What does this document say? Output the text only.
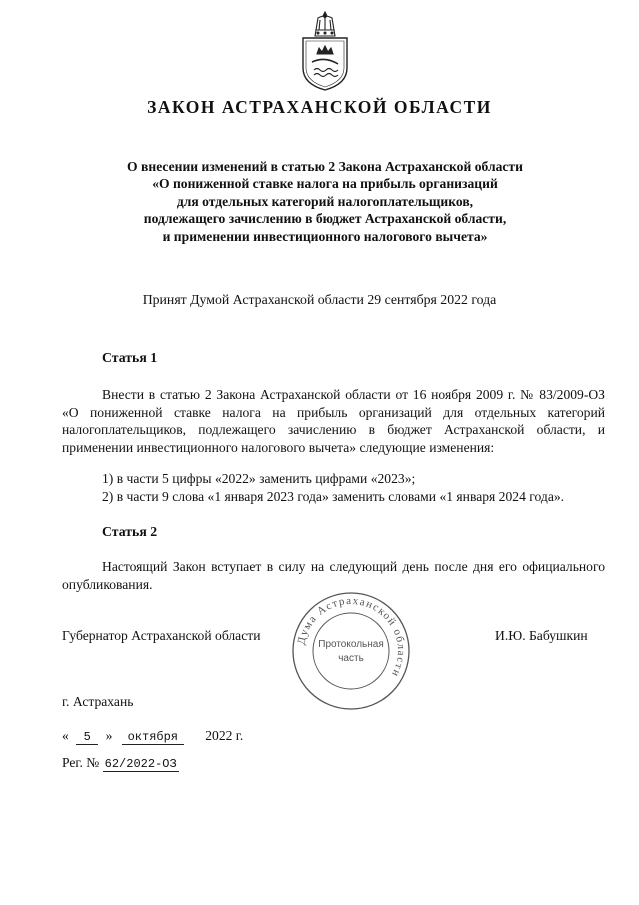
ЗАКОН АСТРАХАНСКОЙ ОБЛАСТИ
О внесении изменений в статью 2 Закона Астраханской области
«О пониженной ставке налога на прибыль организаций
для отдельных категорий налогоплательщиков,
подлежащего зачислению в бюджет Астраханской области,
и применении инвестиционного налогового вычета»
Принят Думой Астраханской области 29 сентября 2022 года
Статья 1
Внести в статью 2 Закона Астраханской области от 16 ноября 2009 г. № 83/2009-ОЗ «О пониженной ставке налога на прибыль организаций для отдельных категорий налогоплательщиков, подлежащего зачислению в бюджет Астраханской области, и применении инвестиционного налогового вычета» следующие изменения:
1) в части 5 цифры «2022» заменить цифрами «2023»;
2) в части 9 слова «1 января 2023 года» заменить словами «1 января 2024 года».
Статья 2
Настоящий Закон вступает в силу на следующий день после дня его официального опубликования.
Губернатор Астраханской области	И.Ю. Бабушкин
Дума Астраханской области
Протокольная
часть
г. Астрахань
« 5 » октября 2022 г.
Рег. № 62/2022-ОЗ
